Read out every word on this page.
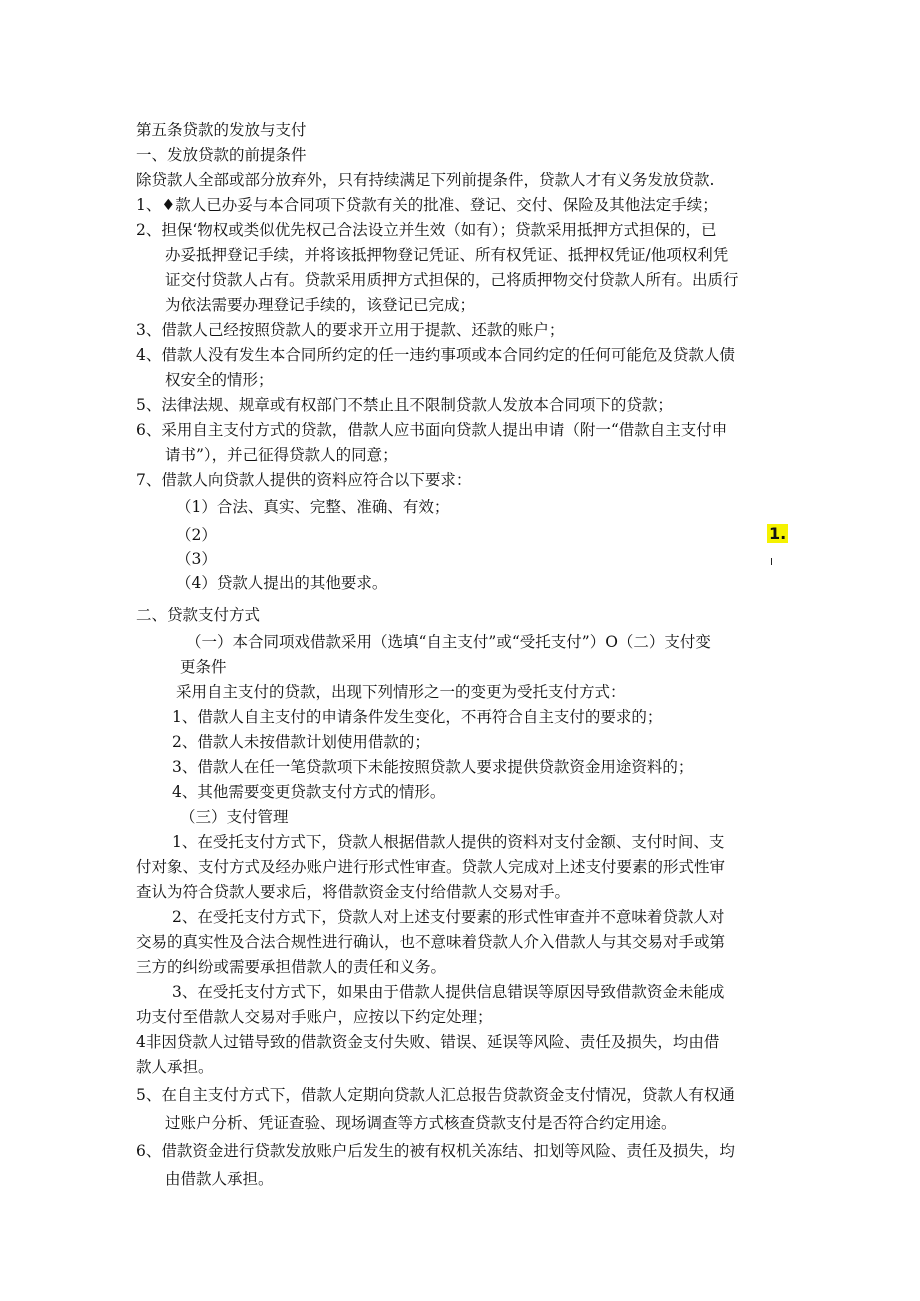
第五条贷款的发放与支付
一、发放贷款的前提条件
除贷款人全部或部分放弃外，只有持续满足下列前提条件，贷款人才有义务发放贷款.
1、♦款人已办妥与本合同项下贷款有关的批准、登记、交付、保险及其他法定手续；
2、担保‘物权或类似优先权己合法设立并生效（如有）；贷款采用抵押方式担保的，已
办妥抵押登记手续，并将该抵押物登记凭证、所有权凭证、抵押权凭证/他项权利凭
证交付贷款人占有。贷款采用质押方式担保的，己将质押物交付贷款人所有。出质行
为依法需要办理登记手续的，该登记已完成；
3、借款人己经按照贷款人的要求开立用于提款、还款的账户；
4、借款人没有发生本合同所约定的任一违约事项或本合同约定的任何可能危及贷款人债
权安全的情形；
5、法律法规、规章或有权部门不禁止且不限制贷款人发放本合同项下的贷款；
6、采用自主支付方式的贷款，借款人应书面向贷款人提出申请（附一“借款自主支付申
请书”），并己征得贷款人的同意；
7、借款人向贷款人提供的资料应符合以下要求：
（1）合法、真实、完整、准确、有效；
（2）	1.
（3）
（4）贷款人提出的其他要求。
二、贷款支付方式
（一）本合同项戏借款采用（选填“自主支付”或“受托支付”）O（二）支付变
更条件
采用自主支付的贷款，出现下列情形之一的变更为受托支付方式：
1、借款人自主支付的申请条件发生变化，不再符合自主支付的要求的；
2、借款人未按借款计划使用借款的；
3、借款人在任一笔贷款项下未能按照贷款人要求提供贷款资金用途资料的；
4、其他需要变更贷款支付方式的情形。
（三）支付管理
1、在受托支付方式下，贷款人根据借款人提供的资料对支付金额、支付时间、支
付对象、支付方式及经办账户进行形式性审查。贷款人完成对上述支付要素的形式性审
查认为符合贷款人要求后，将借款资金支付给借款人交易对手。
2、在受托支付方式下，贷款人对上述支付要素的形式性审查并不意味着贷款人对
交易的真实性及合法合规性进行确认，也不意味着贷款人介入借款人与其交易对手或第
三方的纠纷或需要承担借款人的责任和义务。
3、在受托支付方式下，如果由于借款人提供信息错误等原因导致借款资金未能成
功支付至借款人交易对手账户，应按以下约定处理；
4非因贷款人过错导致的借款资金支付失败、错误、延误等风险、责任及损失，均由借
款人承担。
5、在自主支付方式下，借款人定期向贷款人汇总报告贷款资金支付情况，贷款人有权通
过账户分析、凭证查验、现场调查等方式核查贷款支付是否符合约定用途。
6、借款资金进行贷款发放账户后发生的被有权机关冻结、扣划等风险、责任及损失，均
由借款人承担。
